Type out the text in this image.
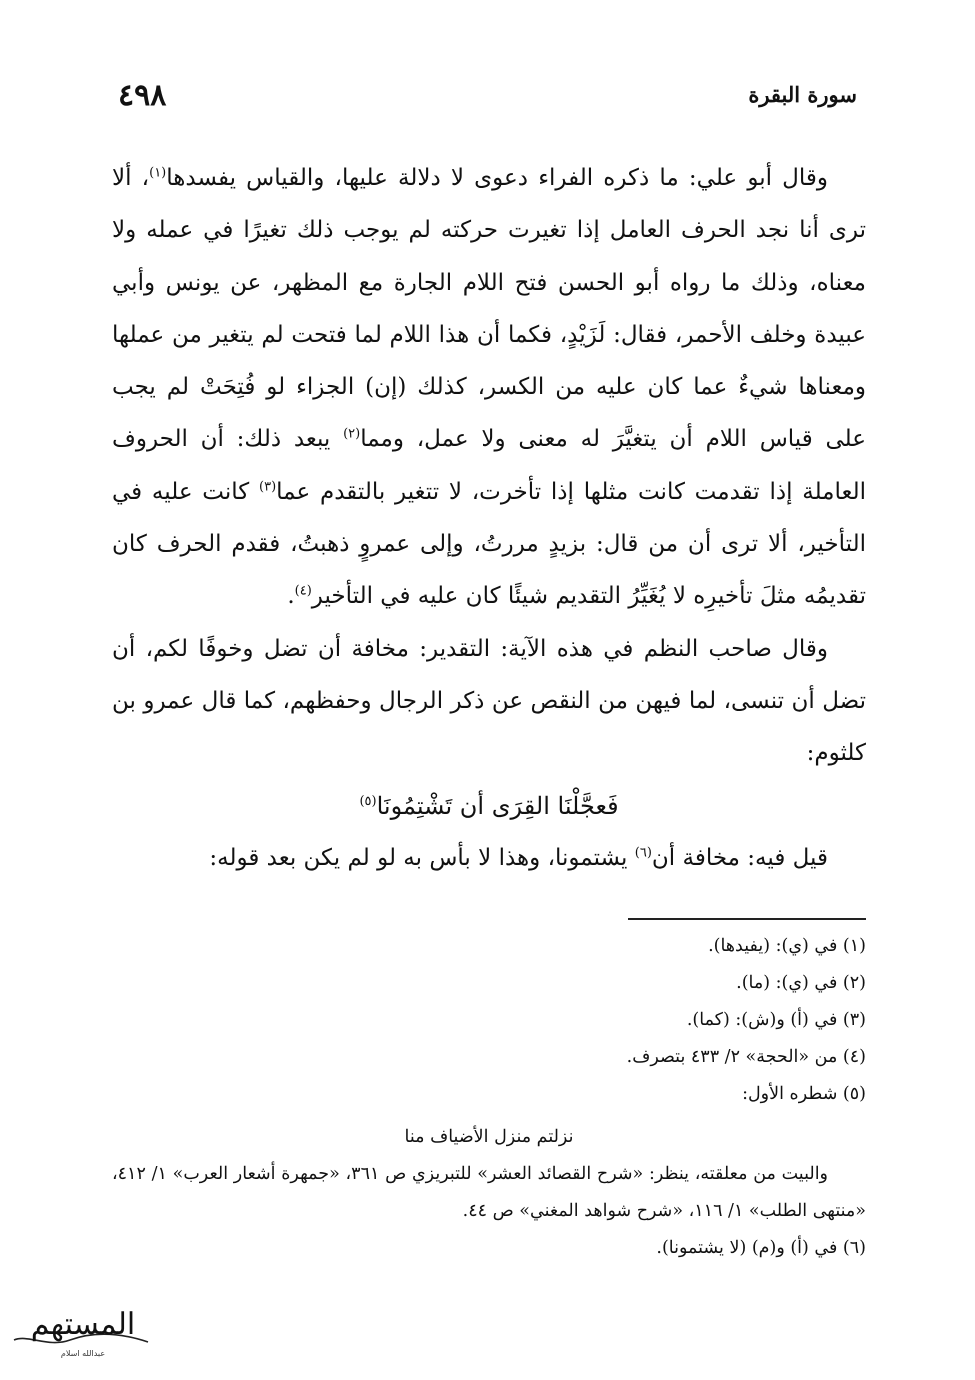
٤٩٨	سورة البقرة

وقال أبو علي: ما ذكره الفراء دعوى لا دلالة عليها، والقياس يفسدها$^{(١)}$، ألا ترى أنا نجد الحرف العامل إذا تغيرت حركته لم يوجب ذلك تغيرًا في عمله ولا معناه، وذلك ما رواه أبو الحسن فتح اللام الجارة مع المظهر، عن يونس وأبي عبيدة وخلف الأحمر، فقال: لَزَيْدٍ، فكما أن هذا اللام لما فتحت لم يتغير من عملها ومعناها شيءٌ عما كان عليه من الكسر، كذلك (إن) الجزاء لو فُتِحَتْ لم يجب على قياس اللام أن يتغيَّرَ له معنى ولا عمل، ومما$^{(٢)}$ يبعد ذلك: أن الحروف العاملة إذا تقدمت كانت مثلها إذا تأخرت، لا تتغير بالتقدم عما$^{(٣)}$ كانت عليه في التأخير، ألا ترى أن من قال: بزيدٍ مررتُ، وإلى عمروٍ ذهبتُ، فقدم الحرف كان تقديمُه مثلَ تأخيرِه لا يُغَيِّرُ التقديم شيئًا كان عليه في التأخير$^{(٤)}$.

وقال صاحب النظم في هذه الآية: التقدير: مخافة أن تضل وخوفًا لكم، أن تضل أن تنسى، لما فيهن من النقص عن ذكر الرجال وحفظهم، كما قال عمرو بن كلثوم:

فَعجَّلْنَا القِرَى أن تَشْتِمُونَا$^{(٥)}$

قيل فيه: مخافة أن$^{(٦)}$ يشتمونا، وهذا لا بأس به لو لم يكن بعد قوله:

(١) في (ي): (يفيدها).

(٢) في (ي): (ما).

(٣) في (أ) و(ش): (كما).

(٤) من «الحجة» ٢/ ٤٣٣ بتصرف.

(٥) شطره الأول:

نزلتم منزل الأضياف منا

والبيت من معلقته، ينظر: «شرح القصائد العشر» للتبريزي ص ٣٦١، «جمهرة أشعار العرب» ١/ ٤١٢، «منتهى الطلب» ١/ ١١٦، «شرح شواهد المغني» ص ٤٤.

(٦) في (أ) و(م) (لا يشتمونا).

المستهم
عبدالله اسلام
